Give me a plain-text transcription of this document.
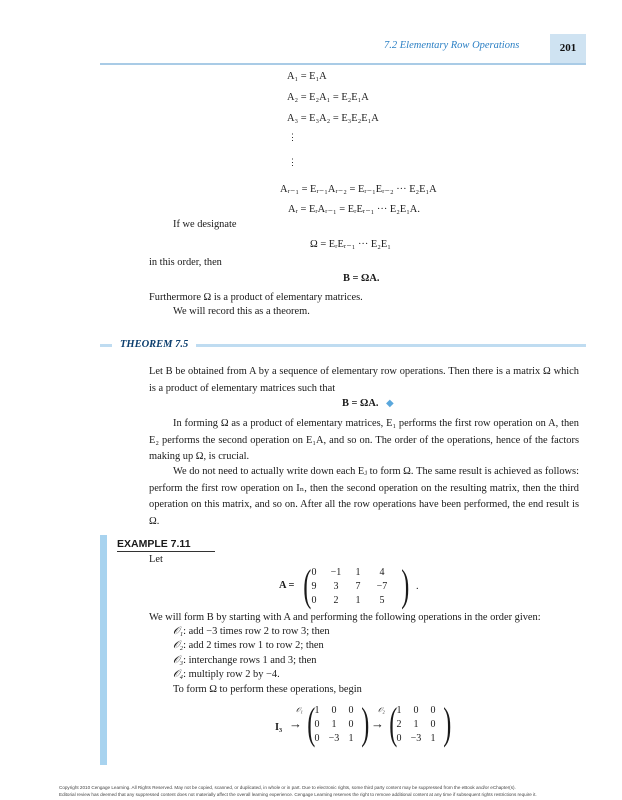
7.2 Elementary Row Operations	201
A₁ = E₁A
A₂ = E₂A₁ = E₂E₁A
A₃ = E₃A₂ = E₃E₂E₁A
⋮
⋮
Aᵣ₋₁ = Eᵣ₋₁Aᵣ₋₂ = Eᵣ₋₁Eᵣ₋₂ ··· E₂E₁A
Aᵣ = EᵣAᵣ₋₁ = EᵣEᵣ₋₁ ··· E₂E₁A.
If we designate
Ω = EᵣEᵣ₋₁ ··· E₂E₁
in this order, then
B = ΩA.
Furthermore Ω is a product of elementary matrices.
We will record this as a theorem.
THEOREM 7.5
Let B be obtained from A by a sequence of elementary row operations. Then there is a matrix Ω which is a product of elementary matrices such that
B = ΩA. ◆
In forming Ω as a product of elementary matrices, E₁ performs the first row operation on A, then E₂ performs the second operation on E₁A, and so on. The order of the operations, hence of the factors making up Ω, is crucial.
We do not need to actually write down each Eⱼ to form Ω. The same result is achieved as follows: perform the first row operation on Iₙ, then the second operation on the resulting matrix, then the third operation on this matrix, and so on. After all the row operations have been performed, the end result is Ω.
EXAMPLE 7.11
Let
A = ( )
0	−1	1	4
9	3	7	−7
0	2	1	5
.
We will form B by starting with A and performing the following operations in the order given:
𝒪₁: add −3 times row 2 to row 3; then
𝒪₂: add 2 times row 1 to row 2; then
𝒪₃: interchange rows 1 and 3; then
𝒪₄: multiply row 2 by −4.
To form Ω to perform these operations, begin
I₃
𝒪₁
→ ( )
1	0	0
0	1	0
0 −3 1
𝒪₂
→ ( )
1	0	0
2	1	0
0 −3 1
Copyright 2010 Cengage Learning. All Rights Reserved. May not be copied, scanned, or duplicated, in whole or in part. Due to electronic rights, some third party content may be suppressed from the eBook and/or eChapter(s).
Editorial review has deemed that any suppressed content does not materially affect the overall learning experience. Cengage Learning reserves the right to remove additional content at any time if subsequent rights restrictions require it.
